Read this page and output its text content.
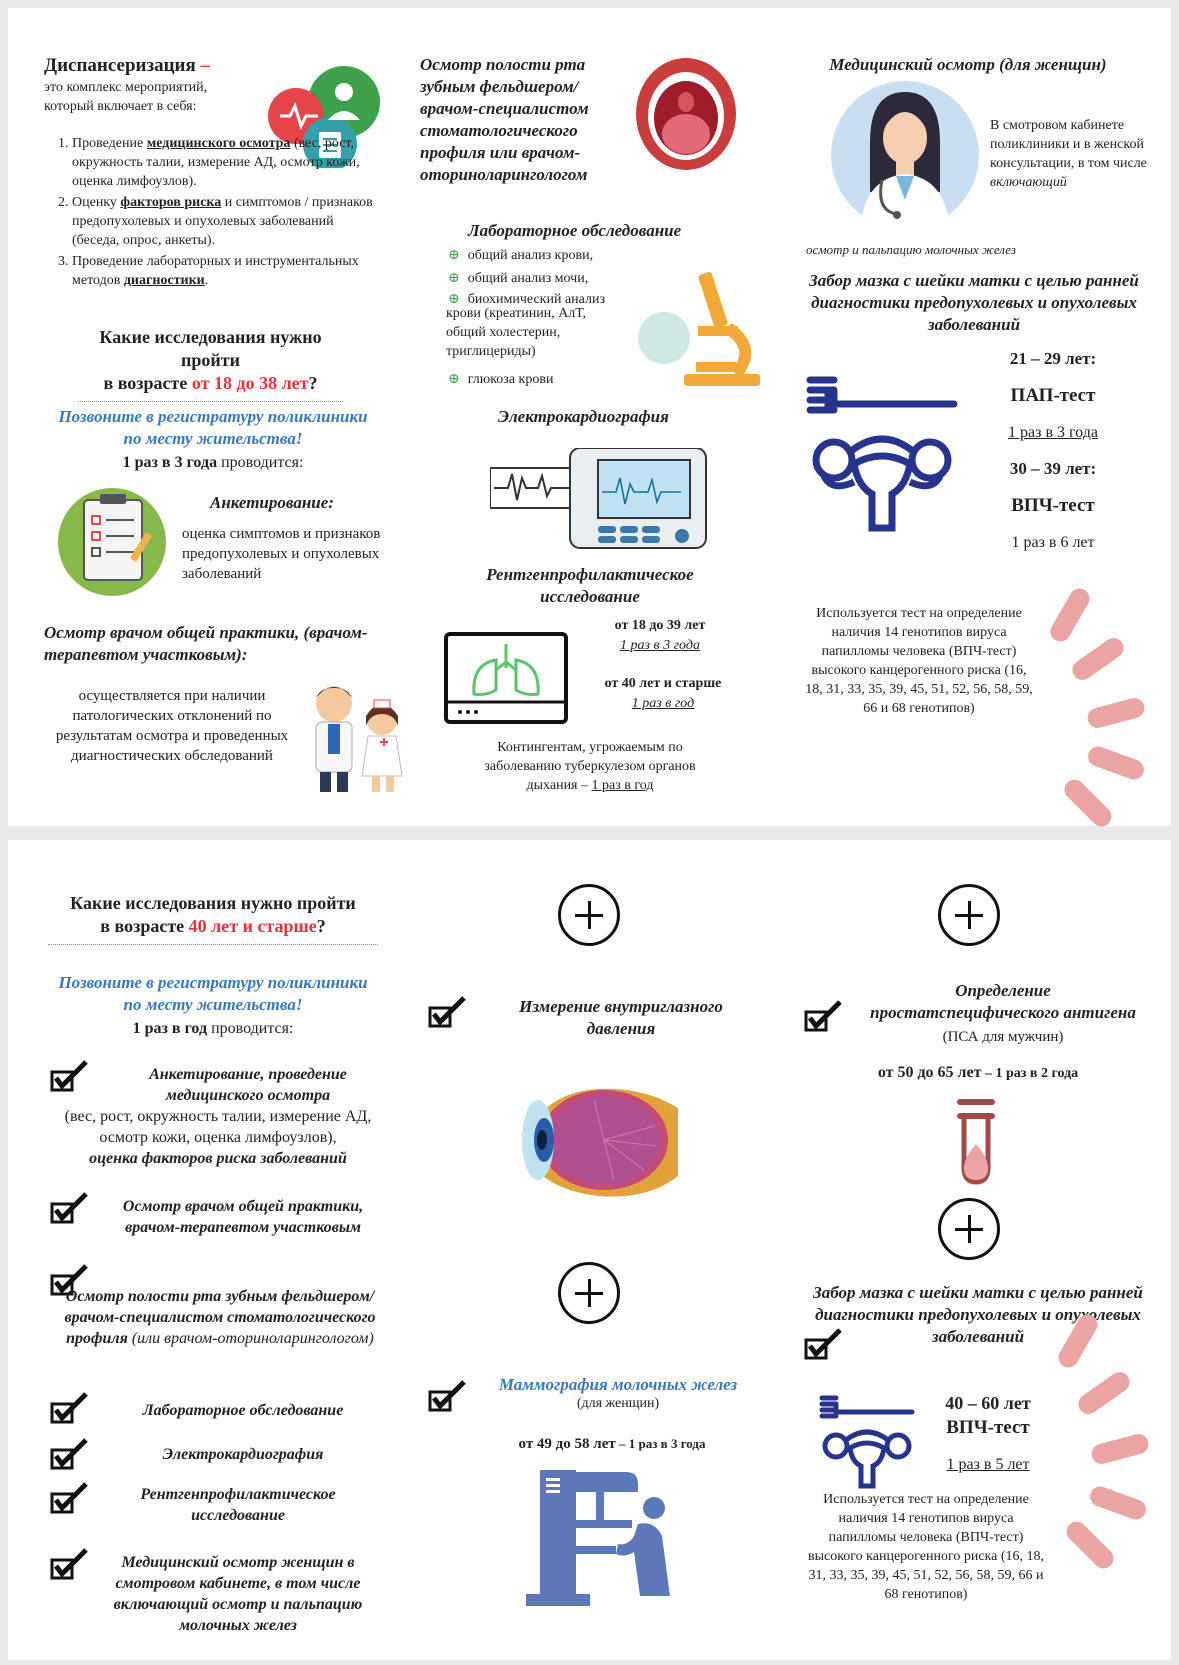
Диспансеризация –
это комплекс мероприятий, который включает в себя:
1. Проведение медицинского осмотра (вес, рост, окружность талии, измерение АД, осмотр кожи, оценка лимфоузлов).
2. Оценку факторов риска и симптомов / признаков предопухолевых и опухолевых заболеваний (беседа, опрос, анкеты).
3. Проведение лабораторных и инструментальных методов диагностики.
Какие исследования нужно пройти
в возрасте от 18 до 38 лет?
Позвоните в регистратуру поликлиники по месту жительства!
1 раз в 3 года проводится:
Анкетирование:
оценка симптомов и признаков предопухолевых и опухолевых заболеваний
Осмотр врачом общей практики, (врачом-терапевтом участковым):
осуществляется при наличии патологических отклонений по результатам осмотра и проведенных диагностических обследований
Осмотр полости рта зубным фельдшером/ врачом-специалистом стоматологического профиля или врачом-оториноларингологом
Лабораторное обследование
⊕ общий анализ крови,
⊕ общий анализ мочи,
⊕ биохимический анализ
крови (креатинин, АлТ, общий холестерин, триглицериды)
⊕ глюкоза крови
Электрокардиография
Рентгенпрофилактическое исследование
от 18 до 39 лет
1 раз в 3 года
от 40 лет и старше
1 раз в год
Контингентам, угрожаемым по заболеванию туберкулезом органов дыхания – 1 раз в год
Медицинский осмотр (для женщин)
В смотровом кабинете поликлиники и в женской консультации, в том числе включающий
осмотр и пальпацию молочных желез
Забор мазка с шейки матки с целью ранней диагностики предопухолевых и опухолевых заболеваний
21 – 29 лет:
ПАП-тест
1 раз в 3 года
30 – 39 лет:
ВПЧ-тест
1 раз в 6 лет
Используется тест на определение наличия 14 генотипов вируса папилломы человека (ВПЧ-тест) высокого канцерогенного риска (16, 18, 31, 33, 35, 39, 45, 51, 52, 56, 58, 59, 66 и 68 генотипов)
Какие исследования нужно пройти
в возрасте 40 лет и старше?
Позвоните в регистратуру поликлиники по месту жительства!
1 раз в год проводится:
Анкетирование, проведение медицинского осмотра
(вес, рост, окружность талии, измерение АД, осмотр кожи, оценка лимфоузлов),
оценка факторов риска заболеваний
Осмотр врачом общей практики, врачом-терапевтом участковым
Осмотр полости рта зубным фельдшером/врачом-специалистом стоматологического профиля (или врачом-оториноларингологом)
Лабораторное обследование
Электрокардиография
Рентгенпрофилактическое исследование
Медицинский осмотр женщин в смотровом кабинете, в том числе включающий осмотр и пальпацию молочных желез
Измерение внутриглазного давления
Маммография молочных желез
(для женщин)
от 49 до 58 лет – 1 раз в 3 года
Определение простатспецифического антигена (ПСА для мужчин)
от 50 до 65 лет – 1 раз в 2 года
Забор мазка с шейки матки с целью ранней диагностики предопухолевых и опухолевых заболеваний
40 – 60 лет
ВПЧ-тест
1 раз в 5 лет
Используется тест на определение наличия 14 генотипов вируса папилломы человека (ВПЧ-тест) высокого канцерогенного риска (16, 18, 31, 33, 35, 39, 45, 51, 52, 56, 58, 59, 66 и 68 генотипов)
